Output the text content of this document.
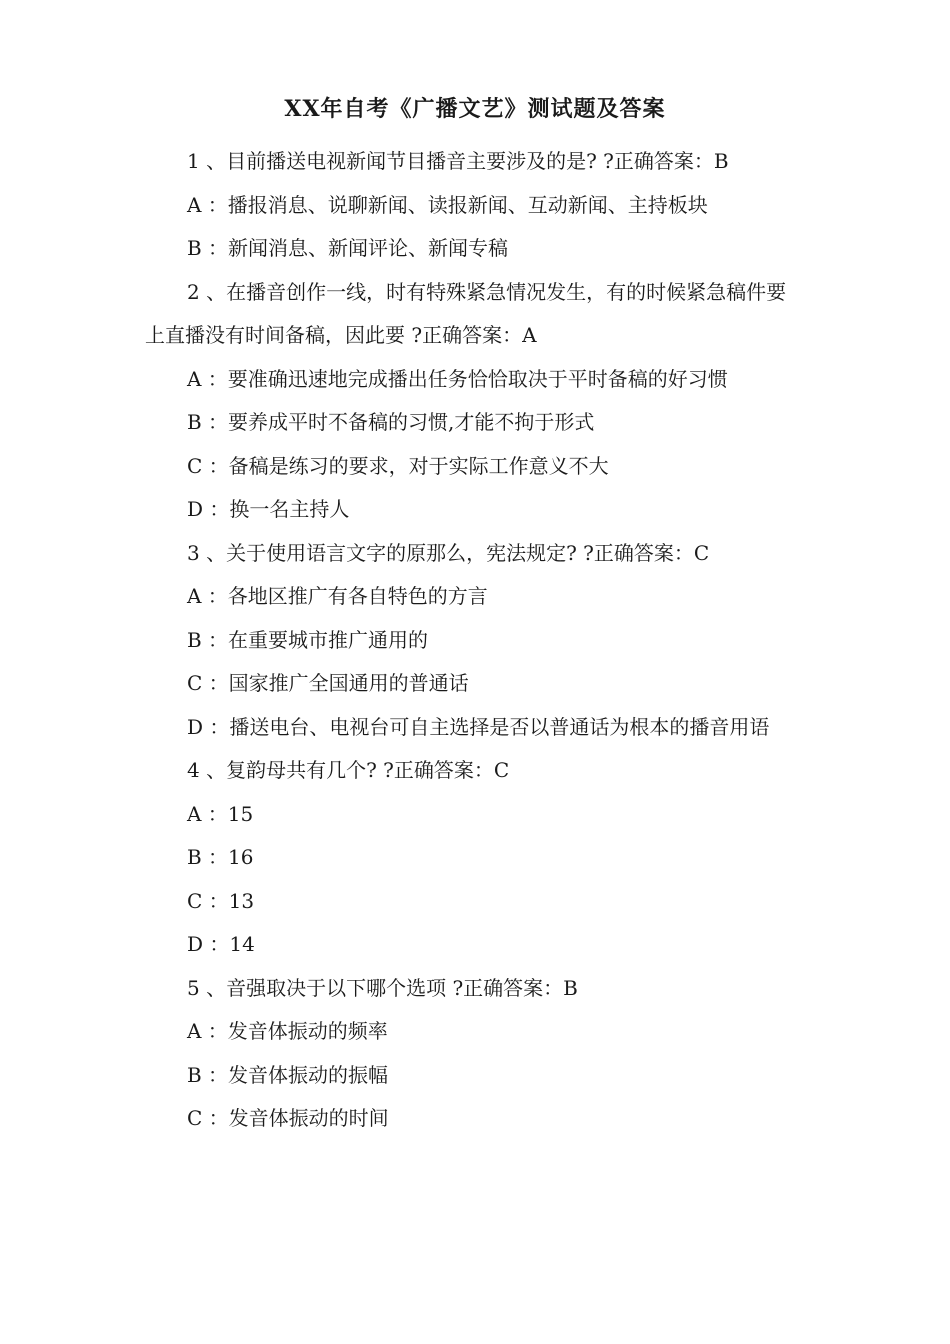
XX年自考《广播文艺》测试题及答案
1 、目前播送电视新闻节目播音主要涉及的是? ?正确答案：B
A ：播报消息、说聊新闻、读报新闻、互动新闻、主持板块
B ：新闻消息、新闻评论、新闻专稿
2 、在播音创作一线，时有特殊紧急情况发生，有的时候紧急稿件要上直播没有时间备稿，因此要 ?正确答案：A
A ：要准确迅速地完成播出任务恰恰取决于平时备稿的好习惯
B ：要养成平时不备稿的习惯,才能不拘于形式
C ：备稿是练习的要求，对于实际工作意义不大
D ：换一名主持人
3 、关于使用语言文字的原那么，宪法规定? ?正确答案：C
A ：各地区推广有各自特色的方言
B ：在重要城市推广通用的
C ：国家推广全国通用的普通话
D ：播送电台、电视台可自主选择是否以普通话为根本的播音用语
4 、复韵母共有几个? ?正确答案：C
A ：15
B ：16
C ：13
D ：14
5 、音强取决于以下哪个选项 ?正确答案：B
A ：发音体振动的频率
B ：发音体振动的振幅
C ：发音体振动的时间
